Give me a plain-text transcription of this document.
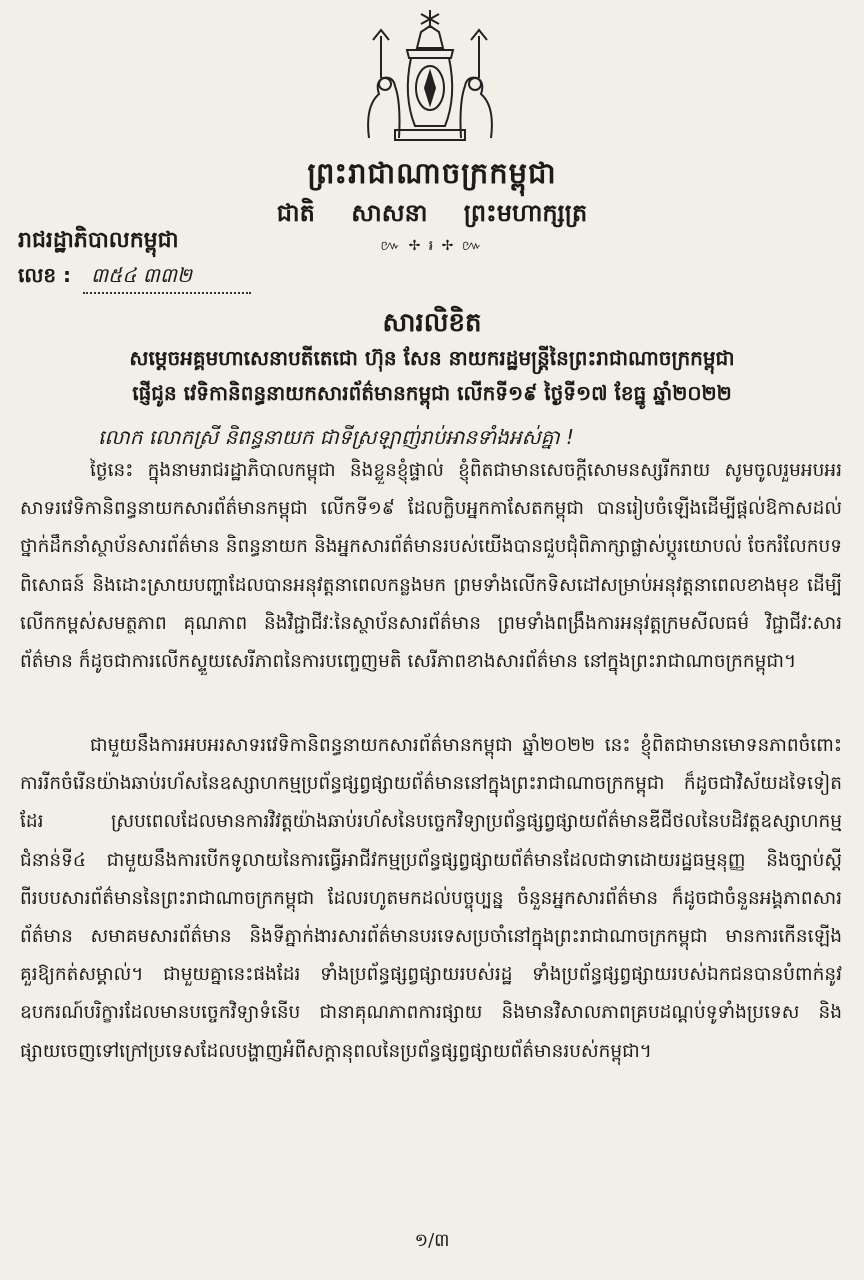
ព្រះរាជាណាចក្រកម្ពុជា
ជាតិ សាសនា ព្រះមហាក្សត្រ
៚ ✢ ៛ ✢ ៚
រាជរដ្ឋាភិបាលកម្ពុជា
លេខ : ៣៥៤ ៣៣២
សារលិខិត
សម្តេចអគ្គមហាសេនាបតីតេជោ ហ៊ុន សែន នាយករដ្ឋមន្ត្រីនៃព្រះរាជាណាចក្រកម្ពុជា
ផ្ញើជូន វេទិកានិពន្ធនាយកសារព័ត៌មានកម្ពុជា លើកទី១៩ ថ្ងៃទី១៧ ខែធ្នូ ឆ្នាំ២០២២
លោក លោកស្រី និពន្ធនាយក ជាទីស្រឡាញ់រាប់អានទាំងអស់គ្នា !

ថ្ងៃនេះ ក្នុងនាមរាជរដ្ឋាភិបាលកម្ពុជា និងខ្លួនខ្ញុំផ្ទាល់ ខ្ញុំពិតជាមានសេចក្តីសោមនស្សរីករាយ សូមចូលរួមអបអរសាទរវេទិកានិពន្ធនាយកសារព័ត៌មានកម្ពុជា លើកទី១៩ ដែលក្លិបអ្នកកាសែតកម្ពុជា បានរៀបចំឡើងដើម្បីផ្តល់ឱកាសដល់ថ្នាក់ដឹកនាំស្ថាប័នសារព័ត៌មាន និពន្ធនាយក និងអ្នកសារព័ត៌មានរបស់យើងបានជួបជុំពិភាក្សាផ្លាស់ប្តូរយោបល់ ចែករំលែកបទពិសោធន៍ និងដោះស្រាយបញ្ហាដែលបានអនុវត្តនាពេលកន្លងមក ព្រមទាំងលើកទិសដៅសម្រាប់អនុវត្តនាពេលខាងមុខ ដើម្បីលើកកម្ពស់សមត្ថភាព គុណភាព និងវិជ្ជាជីវៈនៃស្ថាប័នសារព័ត៌មាន ព្រមទាំងពង្រឹងការអនុវត្តក្រមសីលធម៌ វិជ្ជាជីវៈសារព័ត៌មាន ក៏ដូចជាការលើកស្ទួយសេរីភាពនៃការបញ្ចេញមតិ សេរីភាពខាងសារព័ត៌មាន នៅក្នុងព្រះរាជាណាចក្រកម្ពុជា។

ជាមួយនឹងការអបអរសាទរវេទិកានិពន្ធនាយកសារព័ត៌មានកម្ពុជា ឆ្នាំ២០២២ នេះ ខ្ញុំពិតជាមានមោទនភាពចំពោះការរីកចំរើនយ៉ាងឆាប់រហ័សនៃឧស្សាហកម្មប្រព័ន្ធផ្សព្វផ្សាយព័ត៌មាននៅក្នុងព្រះរាជាណាចក្រកម្ពុជា ក៏ដូចជាវិស័យដទៃទៀតដែរ ស្របពេលដែលមានការវិវត្តយ៉ាងឆាប់រហ័សនៃបច្ចេកវិទ្យាប្រព័ន្ធផ្សព្វផ្សាយព័ត៌មានឌីជីថលនៃបដិវត្តឧស្សាហកម្មជំនាន់ទី៤ ជាមួយនឹងការបើកទូលាយនៃការធ្វើអាជីវកម្មប្រព័ន្ធផ្សព្វផ្សាយព័ត៌មានដែលជាទាដោយរដ្ឋធម្មនុញ្ញ និងច្បាប់ស្តីពីរបបសារព័ត៌មាននៃព្រះរាជាណាចក្រកម្ពុជា ដែលរហូតមកដល់បច្ចុប្បន្ន ចំនួនអ្នកសារព័ត៌មាន ក៏ដូចជាចំនួនអង្គភាពសារព័ត៌មាន សមាគមសារព័ត៌មាន និងទីភ្នាក់ងារសារព័ត៌មានបរទេសប្រចាំនៅក្នុងព្រះរាជាណាចក្រកម្ពុជា មានការកើនឡើងគួរឱ្យកត់សម្គាល់។ ជាមួយគ្នានេះផងដែរ ទាំងប្រព័ន្ធផ្សព្វផ្សាយរបស់រដ្ឋ ទាំងប្រព័ន្ធផ្សព្វផ្សាយរបស់ឯកជនបានបំពាក់នូវឧបករណ៍បរិក្ខារដែលមានបច្ចេកវិទ្យាទំនើប ជានាគុណភាពការផ្សាយ និងមានវិសាលភាពគ្របដណ្តប់ទូទាំងប្រទេស និងផ្សាយចេញទៅក្រៅប្រទេសដែលបង្ហាញអំពីសក្តានុពលនៃប្រព័ន្ធផ្សព្វផ្សាយព័ត៌មានរបស់កម្ពុជា។

១/៣
